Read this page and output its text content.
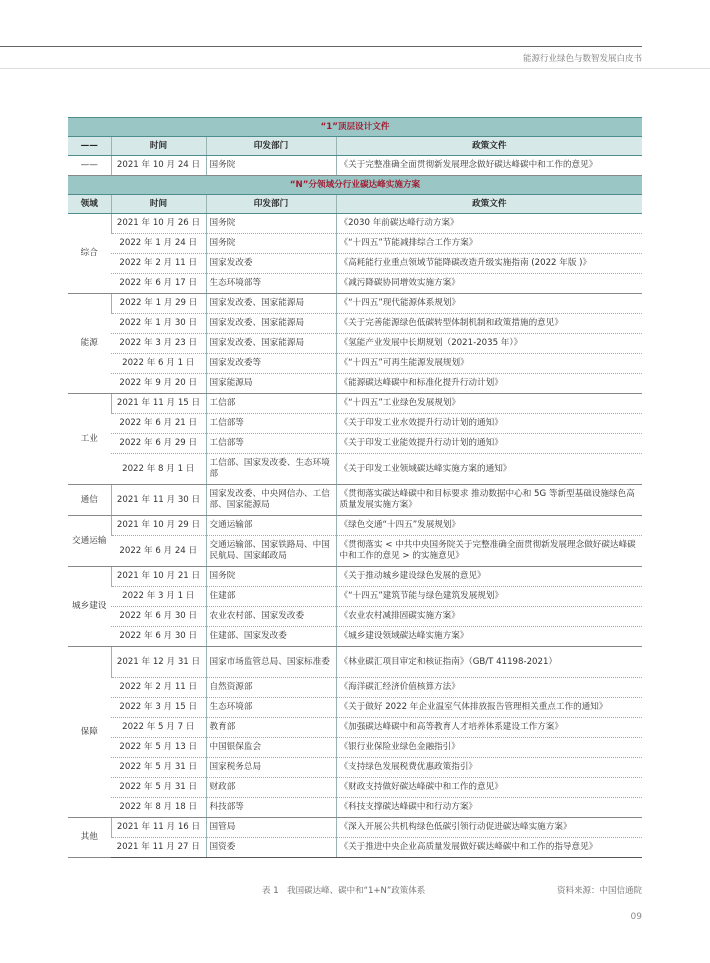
能源行业绿色与数智发展白皮书
“1”顶层设计文件			
——	时间	印发部门	政策文件
——	2021 年 10 月 24 日	国务院	《关于完整准确全面贯彻新发展理念做好碳达峰碳中和工作的意见》
“N”分领域分行业碳达峰实施方案			
领域	时间	印发部门	政策文件
综合	2021 年 10 月 26 日	国务院	《2030 年前碳达峰行动方案》
	2022 年 1 月 24 日	国务院	《“十四五”节能减排综合工作方案》
	2022 年 2 月 11 日	国家发改委	《高耗能行业重点领域节能降碳改造升级实施指南 (2022 年版 )》
	2022 年 6 月 17 日	生态环境部等	《减污降碳协同增效实施方案》
能源	2022 年 1 月 29 日	国家发改委、国家能源局	《“十四五”现代能源体系规划》
	2022 年 1 月 30 日	国家发改委、国家能源局	《关于完善能源绿色低碳转型体制机制和政策措施的意见》
	2022 年 3 月 23 日	国家发改委、国家能源局	《氢能产业发展中长期规划（2021-2035 年）》
	2022 年 6 月 1 日	国家发改委等	《“十四五”可再生能源发展规划》
	2022 年 9 月 20 日	国家能源局	《能源碳达峰碳中和标准化提升行动计划》
工业	2021 年 11 月 15 日	工信部	《“十四五”工业绿色发展规划》
	2022 年 6 月 21 日	工信部等	《关于印发工业水效提升行动计划的通知》
	2022 年 6 月 29 日	工信部等	《关于印发工业能效提升行动计划的通知》
	2022 年 8 月 1 日	工信部、国家发改委、生态环境部	《关于印发工业领域碳达峰实施方案的通知》
通信	2021 年 11 月 30 日	国家发改委、中央网信办、工信部、国家能源局	《贯彻落实碳达峰碳中和目标要求 推动数据中心和 5G 等新型基础设施绿色高质量发展实施方案》
交通运输	2021 年 10 月 29 日	交通运输部	《绿色交通“十四五”发展规划》
	2022 年 6 月 24 日	交通运输部、国家铁路局、中国民航局、国家邮政局	《贯彻落实 < 中共中央国务院关于完整准确全面贯彻新发展理念做好碳达峰碳中和工作的意见 > 的实施意见》
城乡建设	2021 年 10 月 21 日	国务院	《关于推动城乡建设绿色发展的意见》
	2022 年 3 月 1 日	住建部	《“十四五”建筑节能与绿色建筑发展规划》
	2022 年 6 月 30 日	农业农村部、国家发改委	《农业农村减排固碳实施方案》
	2022 年 6 月 30 日	住建部、国家发改委	《城乡建设领域碳达峰实施方案》
保障	2021 年 12 月 31 日	国家市场监管总局、国家标准委	《林业碳汇项目审定和核证指南》（GB/T 41198-2021）
	2022 年 2 月 11 日	自然资源部	《海洋碳汇经济价值核算方法》
	2022 年 3 月 15 日	生态环境部	《关于做好 2022 年企业温室气体排放报告管理相关重点工作的通知》
	2022 年 5 月 7 日	教育部	《加强碳达峰碳中和高等教育人才培养体系建设工作方案》
	2022 年 5 月 13 日	中国银保监会	《银行业保险业绿色金融指引》
	2022 年 5 月 31 日	国家税务总局	《支持绿色发展税费优惠政策指引》
	2022 年 5 月 31 日	财政部	《财政支持做好碳达峰碳中和工作的意见》
	2022 年 8 月 18 日	科技部等	《科技支撑碳达峰碳中和行动方案》
其他	2021 年 11 月 16 日	国管局	《深入开展公共机构绿色低碳引领行动促进碳达峰实施方案》
	2021 年 11 月 27 日	国资委	《关于推进中央企业高质量发展做好碳达峰碳中和工作的指导意见》
表 1　我国碳达峰、碳中和“1+N”政策体系	资料来源：中国信通院
09
